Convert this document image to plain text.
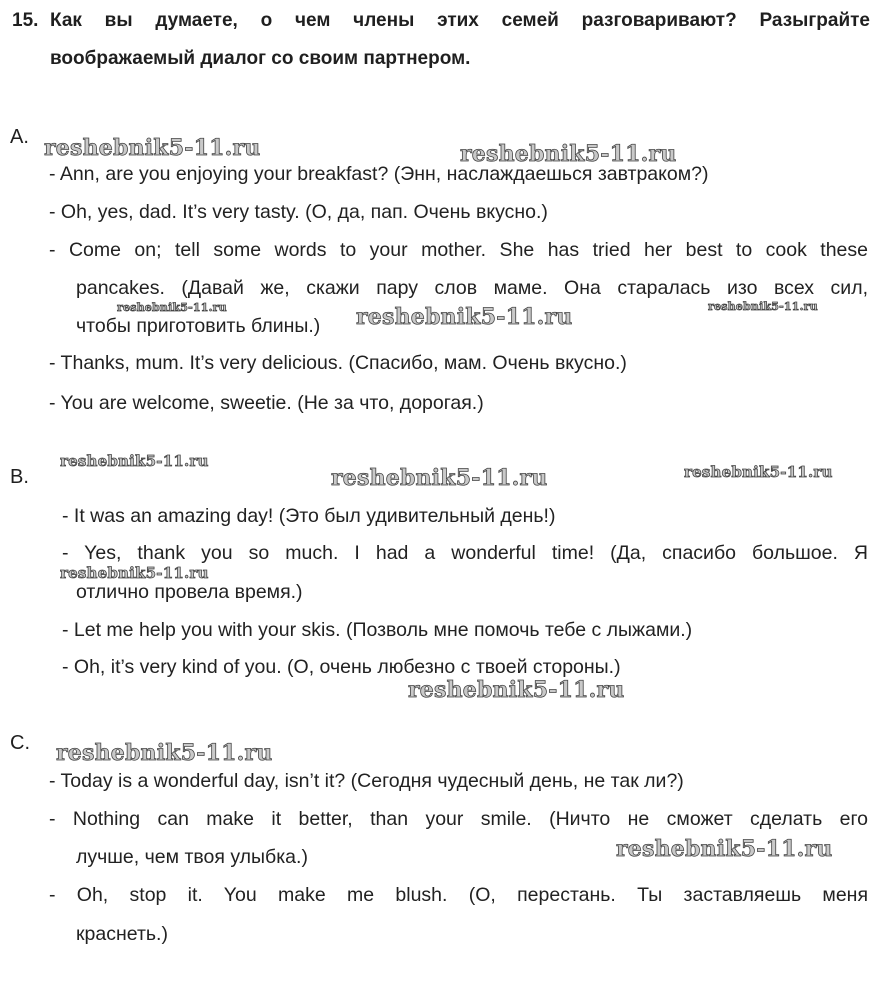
15. Как вы думаете, о чем члены этих семей разговаривают? Разыграйте
воображаемый диалог со своим партнером.
A.
- Ann, are you enjoying your breakfast? (Энн, наслаждаешься завтраком?)
- Oh, yes, dad. It’s very tasty. (О, да, пап. Очень вкусно.)
- Come on; tell some words to your mother. She has tried her best to cook these
pancakes. (Давай же, скажи пару слов маме. Она старалась изо всех сил,
чтобы приготовить блины.)
- Thanks, mum. It’s very delicious. (Спасибо, мам. Очень вкусно.)
- You are welcome, sweetie. (Не за что, дорогая.)
B.
- It was an amazing day! (Это был удивительный день!)
- Yes, thank you so much. I had a wonderful time! (Да, спасибо большое. Я
отлично провела время.)
- Let me help you with your skis. (Позволь мне помочь тебе с лыжами.)
- Oh, it’s very kind of you. (О, очень любезно с твоей стороны.)
C.
- Today is a wonderful day, isn’t it? (Сегодня чудесный день, не так ли?)
- Nothing can make it better, than your smile. (Ничто не сможет сделать его
лучше, чем твоя улыбка.)
- Oh, stop it. You make me blush. (О, перестань. Ты заставляешь меня
краснеть.)
reshebnik5-11.ru	reshebnik5-11.ru
reshebnik5-11.ru	reshebnik5-11.ru	reshebnik5-11.ru
reshebnik5-11.ru
reshebnik5-11.ru	reshebnik5-11.ru
reshebnik5-11.ru
reshebnik5-11.ru
reshebnik5-11.ru
reshebnik5-11.ru
